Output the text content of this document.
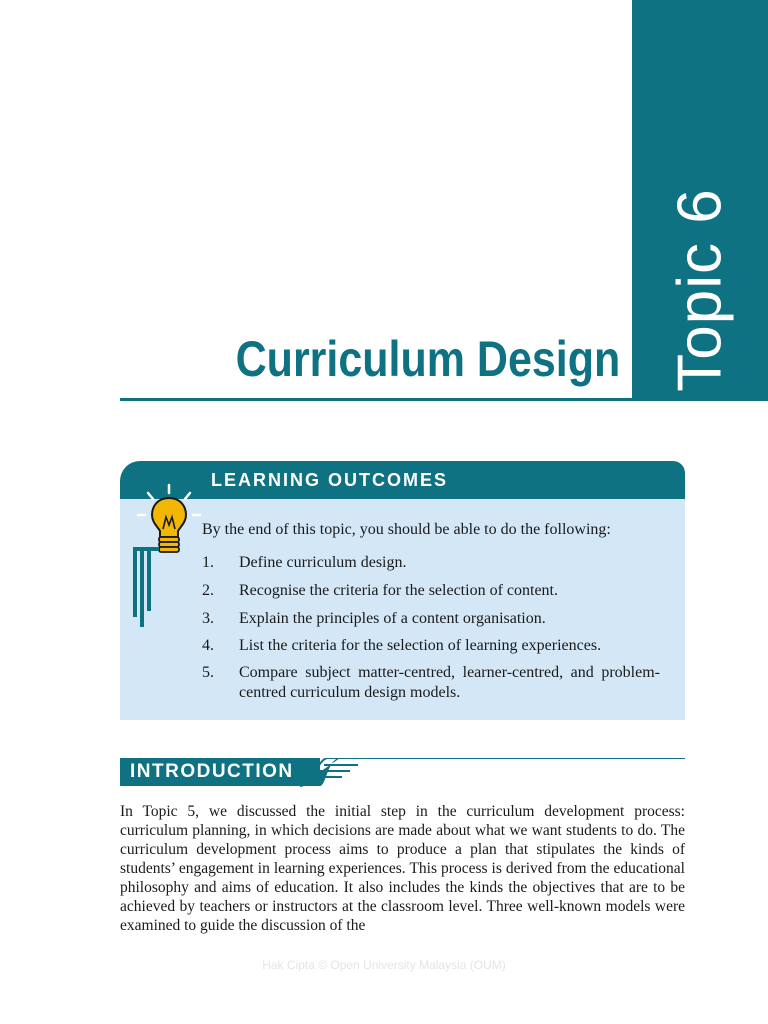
Topic 6
Curriculum Design
LEARNING OUTCOMES
By the end of this topic, you should be able to do the following:
1.	Define curriculum design.
2.	Recognise the criteria for the selection of content.
3.	Explain the principles of a content organisation.
4.	List the criteria for the selection of learning experiences.
5.	Compare subject matter-centred, learner-centred, and problem-centred curriculum design models.
INTRODUCTION

In Topic 5, we discussed the initial step in the curriculum development process: curriculum planning, in which decisions are made about what we want students to do. The curriculum development process aims to produce a plan that stipulates the kinds of students’ engagement in learning experiences. This process is derived from the educational philosophy and aims of education. It also includes the kinds the objectives that are to be achieved by teachers or instructors at the classroom level. Three well-known models were examined to guide the discussion of the

Hak Cipta © Open University Malaysia (OUM)
